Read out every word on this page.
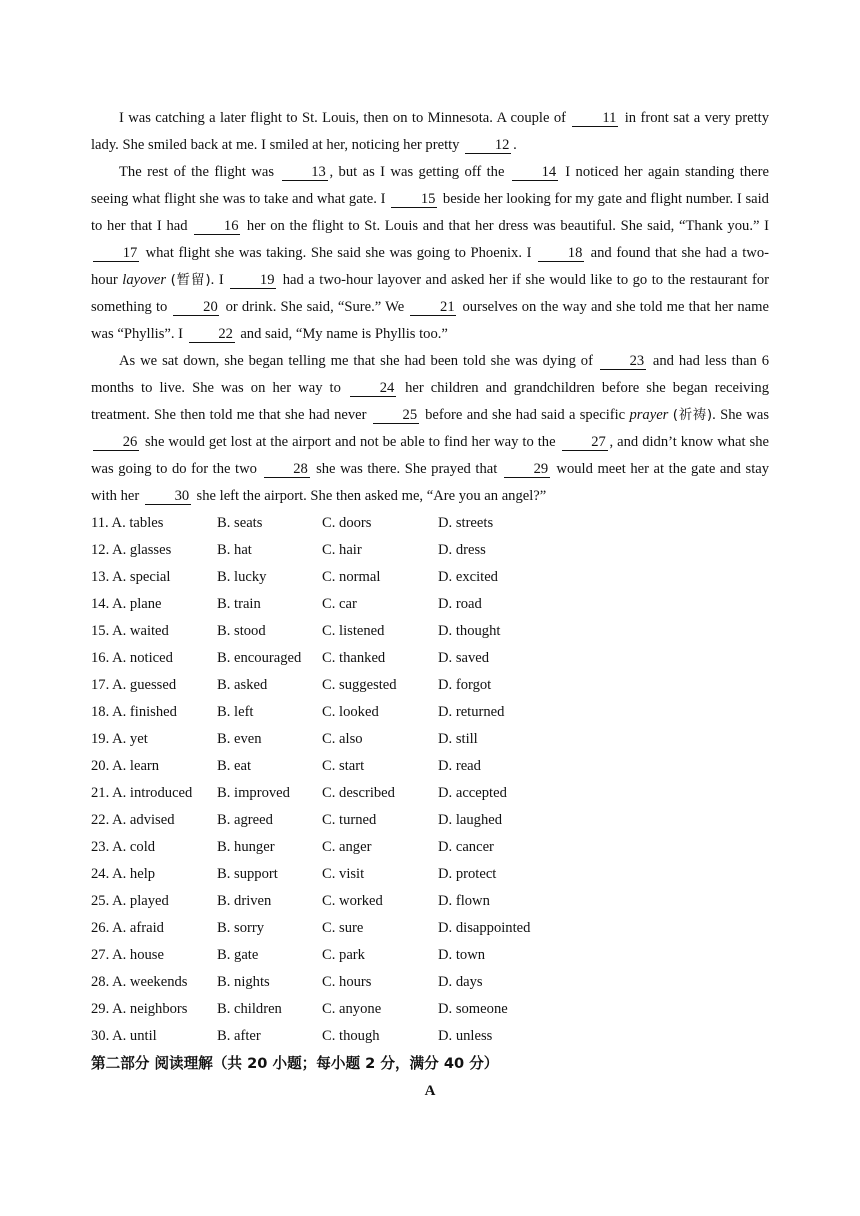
I was catching a later flight to St. Louis, then on to Minnesota. A couple of 11 in front sat a very pretty lady. She smiled back at me. I smiled at her, noticing her pretty 12 .

The rest of the flight was	13 , but as I was getting off the	14 I noticed her again standing there seeing what flight she was to take and what gate. I 15 beside her looking for my gate and flight number. I said to her that I had 16 her on the flight to St. Louis and that her dress was beautiful. She said, “Thank you.” I 17 what flight she was taking. She said she was going to Phoenix. I 18 and found that she had a two-hour layover (暂留). I 19 had a two-hour layover and asked her if she would like to go to the restaurant for something to 20 or drink. She said, “Sure.” We 21 ourselves on the way and she told me that her name was “Phyllis”. I 22 and said, “My name is Phyllis too.”

As we sat down, she began telling me that she had been told she was dying of	23 and had less than 6 months to live. She was on her way to	24 her children and grandchildren before she began receiving treatment. She then told me that she had never 25 before and she had said a specific prayer (祈祷). She was 26 she would get lost at the airport and not be able to find her way to the 27 , and didn’t know what she was going to do for the two 28 she was there. She prayed that 29 would meet her at the gate and stay with her 30 she left the airport. She then asked me, “Are you an angel?”

11. A. tables	B. seats	C. doors	D. streets
12. A. glasses	B. hat	C. hair	D. dress
13. A. special	B. lucky	C. normal	D. excited
14. A. plane	B. train	C. car	D. road
15. A. waited	B. stood	C. listened	D. thought
16. A. noticed	B. encouraged C. thanked	D. saved
17. A. guessed	B. asked	C. suggested	D. forgot
18. A. finished	B. left	C. looked	D. returned
19. A. yet	B. even	C. also	D. still
20. A. learn	B. eat	C. start	D. read
21. A. introduced B. improved C. described	D. accepted
22. A. advised	B. agreed	C. turned	D. laughed
23. A. cold	B. hunger	C. anger	D. cancer
24. A. help	B. support	C. visit	D. protect
25. A. played	B. driven	C. worked	D. flown
26. A. afraid	B. sorry	C. sure	D. disappointed
27. A. house	B. gate	C. park	D. town
28. A. weekends B. nights	C. hours	D. days
29. A. neighbors B. children	C. anyone	D. someone
30. A. until	B. after	C. though	D. unless
第二部分 阅读理解（共 20 小题；每小题 2 分，满分 40 分）
A
